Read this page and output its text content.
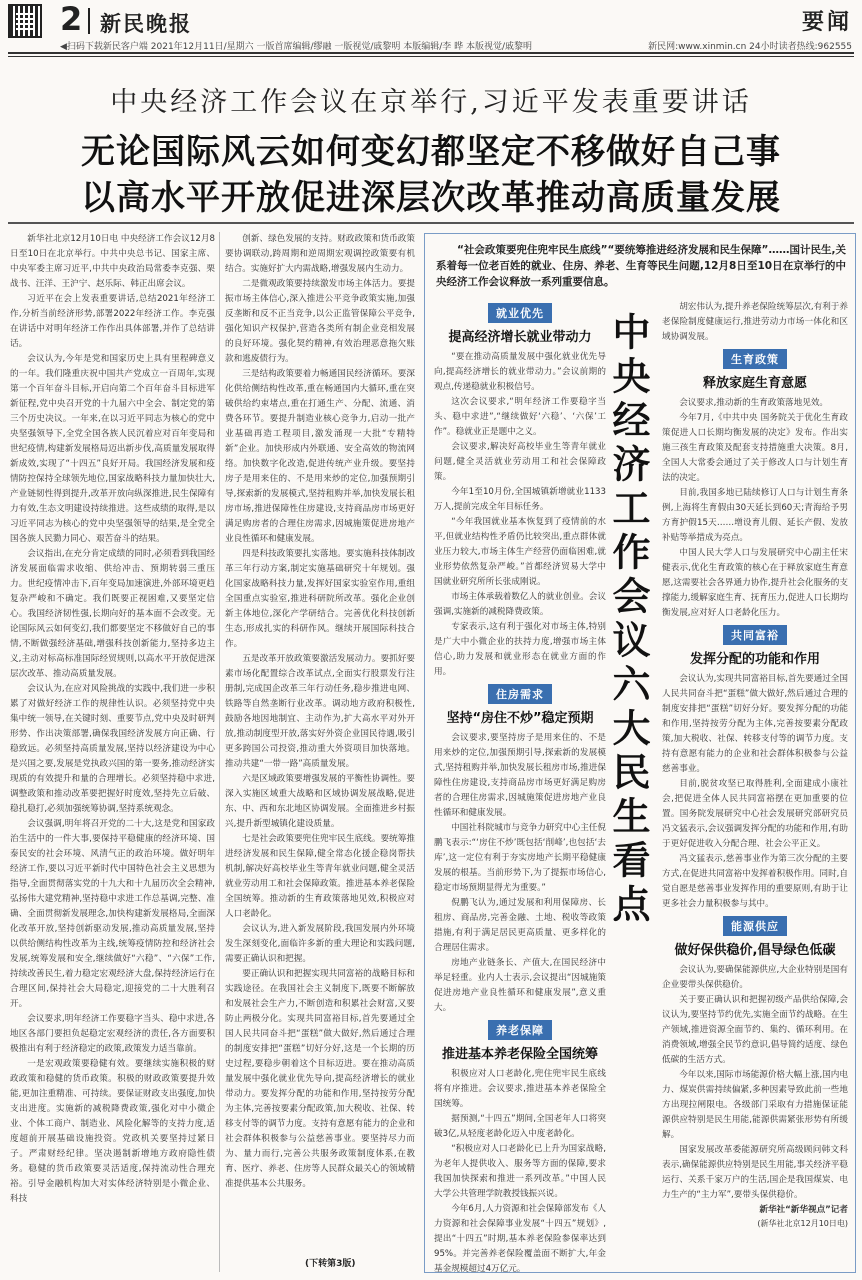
2 新民晚报	要闻
◀扫码下载新民客户端 2021年12月11日/星期六 一版首席编辑/缪融 一版视觉/戚黎明 本版编辑/李 晔 本版视觉/戚黎明	新民网:www.xinmin.cn 24小时读者热线:962555
中央经济工作会议在京举行,习近平发表重要讲话
无论国际风云如何变幻都坚定不移做好自己事
以高水平开放促进深层次改革推动高质量发展

新华社北京12月10日电 中央经济工作会议12月8日至10日在北京举行。中共中央总书记、国家主席、中央军委主席习近平,中共中央政治局常委李克强、栗战书、汪洋、王沪宁、赵乐际、韩正出席会议。

习近平在会上发表重要讲话,总结2021年经济工作,分析当前经济形势,部署2022年经济工作。李克强在讲话中对明年经济工作作出具体部署,并作了总结讲话。

会议认为,今年是党和国家历史上具有里程碑意义的一年。我们隆重庆祝中国共产党成立一百周年,实现第一个百年奋斗目标,开启向第二个百年奋斗目标进军新征程,党中央召开党的十九届六中全会、制定党的第三个历史决议。一年来,在以习近平同志为核心的党中央坚强领导下,全党全国各族人民沉着应对百年变局和世纪疫情,构建新发展格局迈出新步伐,高质量发展取得新成效,实现了“十四五”良好开局。我国经济发展和疫情防控保持全球领先地位,国家战略科技力量加快壮大,产业链韧性得到提升,改革开放向纵深推进,民生保障有力有效,生态文明建设持续推进。这些成绩的取得,是以习近平同志为核心的党中央坚强领导的结果,是全党全国各族人民勠力同心、艰苦奋斗的结果。

会议指出,在充分肯定成绩的同时,必须看到我国经济发展面临需求收缩、供给冲击、预期转弱三重压力。世纪疫情冲击下,百年变局加速演进,外部环境更趋复杂严峻和不确定。我们既要正视困难,又要坚定信心。我国经济韧性强,长期向好的基本面不会改变。无论国际风云如何变幻,我们都要坚定不移做好自己的事情,不断做强经济基础,增强科技创新能力,坚持多边主义,主动对标高标准国际经贸规则,以高水平开放促进深层次改革、推动高质量发展。

会议认为,在应对风险挑战的实践中,我们进一步积累了对做好经济工作的规律性认识。必须坚持党中央集中统一领导,在关键时刻、重要节点,党中央及时研判形势、作出决策部署,确保我国经济发展方向正确、行稳致远。必须坚持高质量发展,坚持以经济建设为中心是兴国之要,发展是党执政兴国的第一要务,推动经济实现质的有效提升和量的合理增长。必须坚持稳中求进,调整政策和推动改革要把握好时度效,坚持先立后破、稳扎稳打,必须加强统筹协调,坚持系统观念。

会议强调,明年将召开党的二十大,这是党和国家政治生活中的一件大事,要保持平稳健康的经济环境、国泰民安的社会环境、风清气正的政治环境。做好明年经济工作,要以习近平新时代中国特色社会主义思想为指导,全面贯彻落实党的十九大和十九届历次全会精神,弘扬伟大建党精神,坚持稳中求进工作总基调,完整、准确、全面贯彻新发展理念,加快构建新发展格局,全面深化改革开放,坚持创新驱动发展,推动高质量发展,坚持以供给侧结构性改革为主线,统筹疫情防控和经济社会发展,统筹发展和安全,继续做好“六稳”、“六保”工作,持续改善民生,着力稳定宏观经济大盘,保持经济运行在合理区间,保持社会大局稳定,迎接党的二十大胜利召开。

会议要求,明年经济工作要稳字当头、稳中求进,各地区各部门要担负起稳定宏观经济的责任,各方面要积极推出有利于经济稳定的政策,政策发力适当靠前。

一是宏观政策要稳健有效。要继续实施积极的财政政策和稳健的货币政策。积极的财政政策要提升效能,更加注重精准、可持续。要保证财政支出强度,加快支出进度。实施新的减税降费政策,强化对中小微企业、个体工商户、制造业、风险化解等的支持力度,适度超前开展基础设施投资。党政机关要坚持过紧日子。严肃财经纪律。坚决遏制新增地方政府隐性债务。稳健的货币政策要灵活适度,保持流动性合理充裕。引导金融机构加大对实体经济特别是小微企业、科技

创新、绿色发展的支持。财政政策和货币政策要协调联动,跨周期和逆周期宏观调控政策要有机结合。实施好扩大内需战略,增强发展内生动力。

二是微观政策要持续激发市场主体活力。要提振市场主体信心,深入推进公平竞争政策实施,加强反垄断和反不正当竞争,以公正监管保障公平竞争,强化知识产权保护,营造各类所有制企业竞相发展的良好环境。强化契约精神,有效治理恶意拖欠账款和逃废债行为。

三是结构政策要着力畅通国民经济循环。要深化供给侧结构性改革,重在畅通国内大循环,重在突破供给约束堵点,重在打通生产、分配、流通、消费各环节。要提升制造业核心竞争力,启动一批产业基础再造工程项目,激发涌现一大批“专精特新”企业。加快形成内外联通、安全高效的物流网络。加快数字化改造,促进传统产业升级。要坚持房子是用来住的、不是用来炒的定位,加强预期引导,探索新的发展模式,坚持租购并举,加快发展长租房市场,推进保障性住房建设,支持商品房市场更好满足购房者的合理住房需求,因城施策促进房地产业良性循环和健康发展。

四是科技政策要扎实落地。要实施科技体制改革三年行动方案,制定实施基础研究十年规划。强化国家战略科技力量,发挥好国家实验室作用,重组全国重点实验室,推进科研院所改革。强化企业创新主体地位,深化产学研结合。完善优化科技创新生态,形成扎实的科研作风。继续开展国际科技合作。

五是改革开放政策要激活发展动力。要抓好要素市场化配置综合改革试点,全面实行股票发行注册制,完成国企改革三年行动任务,稳步推进电网、铁路等自然垄断行业改革。调动地方政府积极性,鼓励各地因地制宜、主动作为,扩大高水平对外开放,推动制度型开放,落实好外资企业国民待遇,吸引更多跨国公司投资,推动重大外资项目加快落地。推动共建“一带一路”高质量发展。

六是区域政策要增强发展的平衡性协调性。要深入实施区域重大战略和区域协调发展战略,促进东、中、西和东北地区协调发展。全面推进乡村振兴,提升新型城镇化建设质量。

七是社会政策要兜住兜牢民生底线。要统筹推进经济发展和民生保障,健全常态化援企稳岗帮扶机制,解决好高校毕业生等青年就业问题,健全灵活就业劳动用工和社会保障政策。推进基本养老保险全国统筹。推动新的生育政策落地见效,积极应对人口老龄化。

会议认为,进入新发展阶段,我国发展内外环境发生深刻变化,面临许多新的重大理论和实践问题,需要正确认识和把握。

要正确认识和把握实现共同富裕的战略目标和实践途径。在我国社会主义制度下,既要不断解放和发展社会生产力,不断创造和积累社会财富,又要防止两极分化。实现共同富裕目标,首先要通过全国人民共同奋斗把“蛋糕”做大做好,然后通过合理的制度安排把“蛋糕”切好分好,这是一个长期的历史过程,要稳步朝着这个目标迈进。要在推动高质量发展中强化就业优先导向,提高经济增长的就业带动力。要发挥分配的功能和作用,坚持按劳分配为主体,完善按要素分配政策,加大税收、社保、转移支付等的调节力度。支持有意愿有能力的企业和社会群体积极参与公益慈善事业。要坚持尽力而为、量力而行,完善公共服务政策制度体系,在教育、医疗、养老、住房等人民群众最关心的领域精准提供基本公共服务。

(下转第3版)

“社会政策要兜住兜牢民生底线”“要统筹推进经济发展和民生保障”……国计民生,关系着每一位老百姓的就业、住房、养老、生育等民生问题,12月8日至10日在京举行的中央经济工作会议释放一系列重要信息。

中央经济工作会议六大民生看点
就业优先
提高经济增长就业带动力

“要在推动高质量发展中强化就业优先导向,提高经济增长的就业带动力。”会议前期的观点,传递稳就业积极信号。

这次会议要求,“明年经济工作要稳字当头、稳中求进”,“继续做好‘六稳’、‘六保’工作”。稳就业正是题中之义。

会议要求,解决好高校毕业生等青年就业问题,健全灵活就业劳动用工和社会保障政策。

今年1至10月份,全国城镇新增就业1133万人,提前完成全年目标任务。

“今年我国就业基本恢复到了疫情前的水平,但就业结构性矛盾仍比较突出,重点群体就业压力较大,市场主体生产经营仍面临困难,就业形势依然复杂严峻。”首都经济贸易大学中国就业研究所所长张成刚说。

市场主体承载着数亿人的就业创业。会议强调,实施新的减税降费政策。

专家表示,这有利于强化对市场主体,特别是广大中小微企业的扶持力度,增强市场主体信心,助力发展和就业形态在就业方面的作用。

住房需求
坚持“房住不炒”稳定预期

会议要求,要坚持房子是用来住的、不是用来炒的定位,加强预期引导,探索新的发展模式,坚持租购并举,加快发展长租房市场,推进保障性住房建设,支持商品房市场更好满足购房者的合理住房需求,因城施策促进房地产业良性循环和健康发展。

中国社科院城市与竞争力研究中心主任倪鹏飞表示:“‘房住不炒’既包括‘削峰’,也包括‘去库’,这一定位有利于夯实房地产长期平稳健康发展的根基。当前形势下,为了提振市场信心,稳定市场预期显得尤为重要。”

倪鹏飞认为,通过发展和利用保障房、长租房、商品房,完善金融、土地、税收等政策措施,有利于满足居民更高质量、更多样化的合理居住需求。

房地产业链条长、产值大,在国民经济中举足轻重。业内人士表示,会议提出“因城施策促进房地产业良性循环和健康发展”,意义重大。

养老保障
推进基本养老保险全国统筹

积极应对人口老龄化,兜住兜牢民生底线将有序推进。会议要求,推进基本养老保险全国统筹。

据预测,“十四五”期间,全国老年人口将突破3亿,从轻度老龄化迈入中度老龄化。

“积极应对人口老龄化已上升为国家战略,为老年人提供收入、服务等方面的保障,要求我国加快探索和推进一系列改革。”中国人民大学公共管理学院教授钱振兴说。

今年6月,人力资源和社会保障部发布《人力资源和社会保障事业发展“十四五”规划》,提出“十四五”时期,基本养老保险参保率达到95%。并完善养老保险覆盖面不断扩大,年金基金规模超过4万亿元。

胡宏伟认为,提升养老保险统筹层次,有利于养老保险制度健康运行,推进劳动力市场一体化和区域协调发展。

生育政策
释放家庭生育意愿

会议要求,推动新的生育政策落地见效。

今年7月,《中共中央 国务院关于优化生育政策促进人口长期均衡发展的决定》发布。作出实施三孩生育政策及配套支持措施重大决策。8月,全国人大常委会通过了关于修改人口与计划生育法的决定。

目前,我国多地已陆续修订人口与计划生育条例,上海将生育假由30天延长到60天;青海给予男方育护假15天……增设育儿假、延长产假、发放补贴等举措成为亮点。

中国人民大学人口与发展研究中心副主任宋健表示,优化生育政策的核心在于释放家庭生育意愿,这需要社会各界通力协作,提升社会化服务的支撑能力,缓解家庭生育、抚育压力,促进人口长期均衡发展,应对好人口老龄化压力。

共同富裕
发挥分配的功能和作用

会议认为,实现共同富裕目标,首先要通过全国人民共同奋斗把“蛋糕”做大做好,然后通过合理的制度安排把“蛋糕”切好分好。要发挥分配的功能和作用,坚持按劳分配为主体,完善按要素分配政策,加大税收、社保、转移支付等的调节力度。支持有意愿有能力的企业和社会群体积极参与公益慈善事业。

目前,脱贫攻坚已取得胜利,全面建成小康社会,把促进全体人民共同富裕摆在更加重要的位置。国务院发展研究中心社会发展研究部研究员冯文猛表示,会议强调发挥分配的功能和作用,有助于更好促进收入分配合理、社会公平正义。

冯文猛表示,慈善事业作为第三次分配的主要方式,在促进共同富裕中发挥着积极作用。同时,自觉自愿是慈善事业发挥作用的重要原则,有助于让更多社会力量积极参与其中。

能源供应
做好保供稳价,倡导绿色低碳

会议认为,要确保能源供应,大企业特别是国有企业要带头保供稳价。

关于要正确认识和把握初级产品供给保障,会议认为,要坚持节约优先,实施全面节约战略。在生产领域,推进资源全面节约、集约、循环利用。在消费领域,增强全民节约意识,倡导简约适度、绿色低碳的生活方式。

今年以来,国际市场能源价格大幅上涨,国内电力、煤炭供需持续偏紧,多种因素导致此前一些地方出现拉闸限电。各级部门采取有力措施保证能源供应特别是民生用能,能源供需紧张形势有所缓解。

国家发展改革委能源研究所高级顾问韩文科表示,确保能源供应特别是民生用能,事关经济平稳运行、关系千家万户的生活,国企是我国煤炭、电力生产的“主力军”,要带头保供稳价。

新华社“新华视点”记者

(新华社北京12月10日电)
